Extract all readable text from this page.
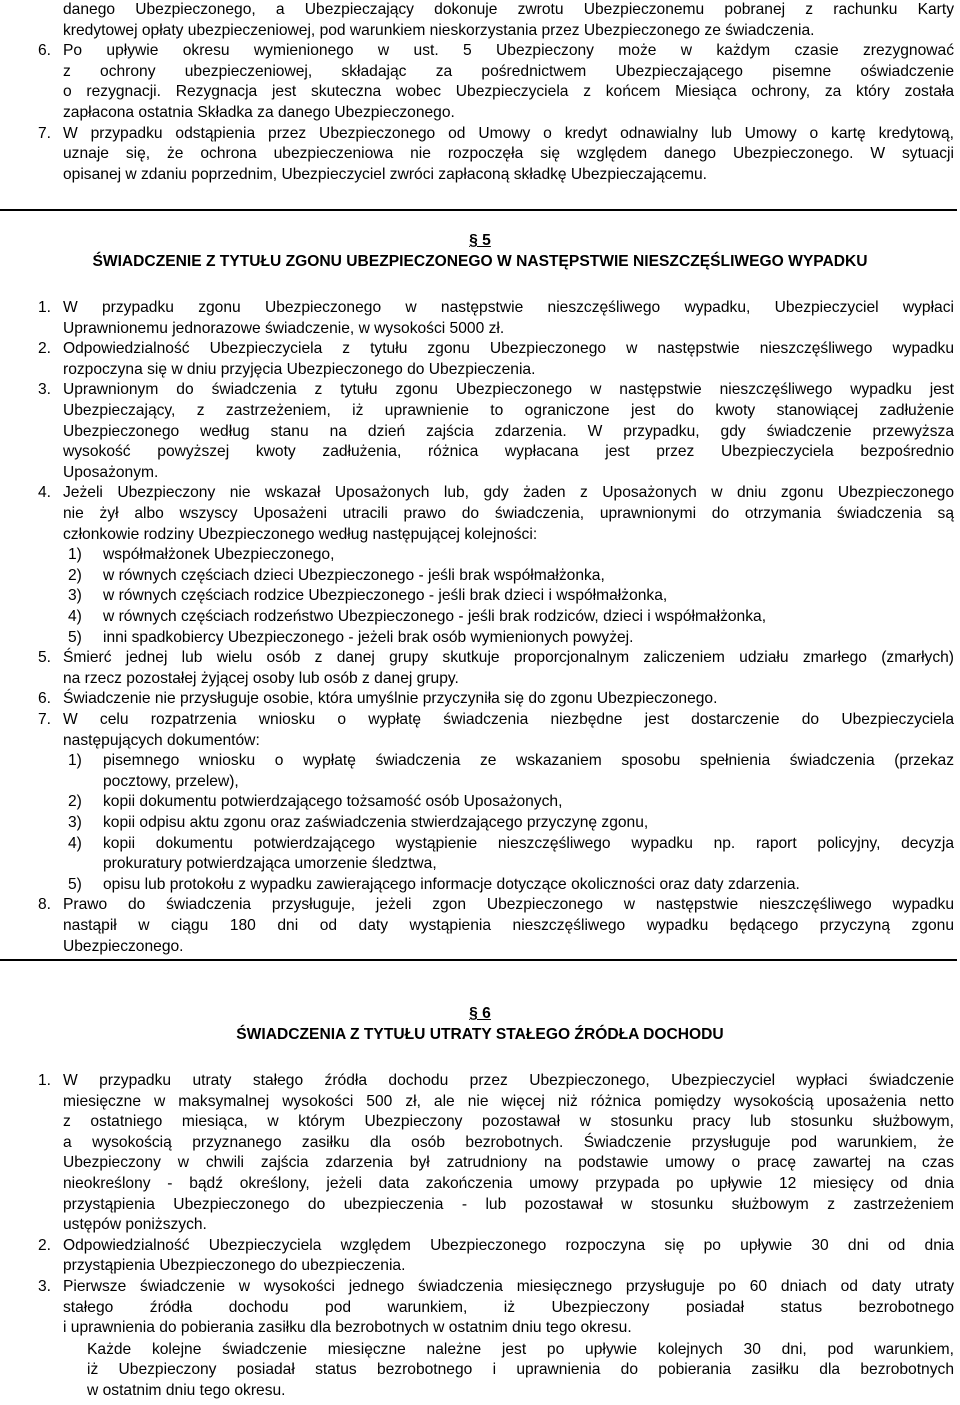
danego Ubezpieczonego, a Ubezpieczający dokonuje zwrotu Ubezpieczonemu pobranej z rachunku Karty
kredytowej opłaty ubezpieczeniowej, pod warunkiem nieskorzystania przez Ubezpieczonego ze świadczenia.
6. Po upływie okresu wymienionego w ust. 5 Ubezpieczony może w każdym czasie zrezygnować
z ochrony ubezpieczeniowej, składając za pośrednictwem Ubezpieczającego pisemne oświadczenie
o rezygnacji. Rezygnacja jest skuteczna wobec Ubezpieczyciela z końcem Miesiąca ochrony, za który została
zapłacona ostatnia Składka za danego Ubezpieczonego.
7. W przypadku odstąpienia przez Ubezpieczonego od Umowy o kredyt odnawialny lub Umowy o kartę kredytową,
uznaje się, że ochrona ubezpieczeniowa nie rozpoczęła się względem danego Ubezpieczonego. W sytuacji
opisanej w zdaniu poprzednim, Ubezpieczyciel zwróci zapłaconą składkę Ubezpieczającemu.
§ 5
ŚWIADCZENIE Z TYTUŁU ZGONU UBEZPIECZONEGO W NASTĘPSTWIE NIESZCZĘŚLIWEGO WYPADKU
1. W przypadku zgonu Ubezpieczonego w następstwie nieszczęśliwego wypadku, Ubezpieczyciel wypłaci
Uprawnionemu jednorazowe świadczenie, w wysokości 5000 zł.
2. Odpowiedzialność Ubezpieczyciela z tytułu zgonu Ubezpieczonego w następstwie nieszczęśliwego wypadku
rozpoczyna się w dniu przyjęcia Ubezpieczonego do Ubezpieczenia.
3. Uprawnionym do świadczenia z tytułu zgonu Ubezpieczonego w następstwie nieszczęśliwego wypadku jest
Ubezpieczający, z zastrzeżeniem, iż uprawnienie to ograniczone jest do kwoty stanowiącej zadłużenie
Ubezpieczonego według stanu na dzień zajścia zdarzenia. W przypadku, gdy świadczenie przewyższa
wysokość powyższej kwoty zadłużenia, różnica wypłacana jest przez Ubezpieczyciela bezpośrednio
Uposażonym.
4. Jeżeli Ubezpieczony nie wskazał Uposażonych lub, gdy żaden z Uposażonych w dniu zgonu Ubezpieczonego
nie żył albo wszyscy Uposażeni utracili prawo do świadczenia, uprawnionymi do otrzymania świadczenia są
członkowie rodziny Ubezpieczonego według następującej kolejności:
1) współmałżonek Ubezpieczonego,
2) w równych częściach dzieci Ubezpieczonego - jeśli brak współmałżonka,
3) w równych częściach rodzice Ubezpieczonego - jeśli brak dzieci i współmałżonka,
4) w równych częściach rodzeństwo Ubezpieczonego - jeśli brak rodziców, dzieci i współmałżonka,
5) inni spadkobiercy Ubezpieczonego - jeżeli brak osób wymienionych powyżej.
5. Śmierć jednej lub wielu osób z danej grupy skutkuje proporcjonalnym zaliczeniem udziału zmarłego (zmarłych)
na rzecz pozostałej żyjącej osoby lub osób z danej grupy.
6. Świadczenie nie przysługuje osobie, która umyślnie przyczyniła się do zgonu Ubezpieczonego.
7. W celu rozpatrzenia wniosku o wypłatę świadczenia niezbędne jest dostarczenie do Ubezpieczyciela
następujących dokumentów:
1) pisemnego wniosku o wypłatę świadczenia ze wskazaniem sposobu spełnienia świadczenia (przekaz
pocztowy, przelew),
2) kopii dokumentu potwierdzającego tożsamość osób Uposażonych,
3) kopii odpisu aktu zgonu oraz zaświadczenia stwierdzającego przyczynę zgonu,
4) kopii dokumentu potwierdzającego wystąpienie nieszczęśliwego wypadku np. raport policyjny, decyzja
prokuratury potwierdzająca umorzenie śledztwa,
5) opisu lub protokołu z wypadku zawierającego informacje dotyczące okoliczności oraz daty zdarzenia.
8. Prawo do świadczenia przysługuje, jeżeli zgon Ubezpieczonego w następstwie nieszczęśliwego wypadku
nastąpił w ciągu 180 dni od daty wystąpienia nieszczęśliwego wypadku będącego przyczyną zgonu
Ubezpieczonego.
§ 6
ŚWIADCZENIA Z TYTUŁU UTRATY STAŁEGO ŹRÓDŁA DOCHODU
1. W przypadku utraty stałego źródła dochodu przez Ubezpieczonego, Ubezpieczyciel wypłaci świadczenie
miesięczne w maksymalnej wysokości 500 zł, ale nie więcej niż różnica pomiędzy wysokością uposażenia netto
z ostatniego miesiąca, w którym Ubezpieczony pozostawał w stosunku pracy lub stosunku służbowym,
a wysokością przyznanego zasiłku dla osób bezrobotnych. Świadczenie przysługuje pod warunkiem, że
Ubezpieczony w chwili zajścia zdarzenia był zatrudniony na podstawie umowy o pracę zawartej na czas
nieokreślony - bądź określony, jeżeli data zakończenia umowy przypada po upływie 12 miesięcy od dnia
przystąpienia Ubezpieczonego do ubezpieczenia - lub pozostawał w stosunku służbowym z zastrzeżeniem
ustępów poniższych.
2. Odpowiedzialność Ubezpieczyciela względem Ubezpieczonego rozpoczyna się po upływie 30 dni od dnia
przystąpienia Ubezpieczonego do ubezpieczenia.
3. Pierwsze świadczenie w wysokości jednego świadczenia miesięcznego przysługuje po 60 dniach od daty utraty
stałego źródła dochodu pod warunkiem, iż Ubezpieczony posiadał status bezrobotnego
i uprawnienia do pobierania zasiłku dla bezrobotnych w ostatnim dniu tego okresu.
Każde kolejne świadczenie miesięczne należne jest po upływie kolejnych 30 dni, pod warunkiem,
iż Ubezpieczony posiadał status bezrobotnego i uprawnienia do pobierania zasiłku dla bezrobotnych
w ostatnim dniu tego okresu.
